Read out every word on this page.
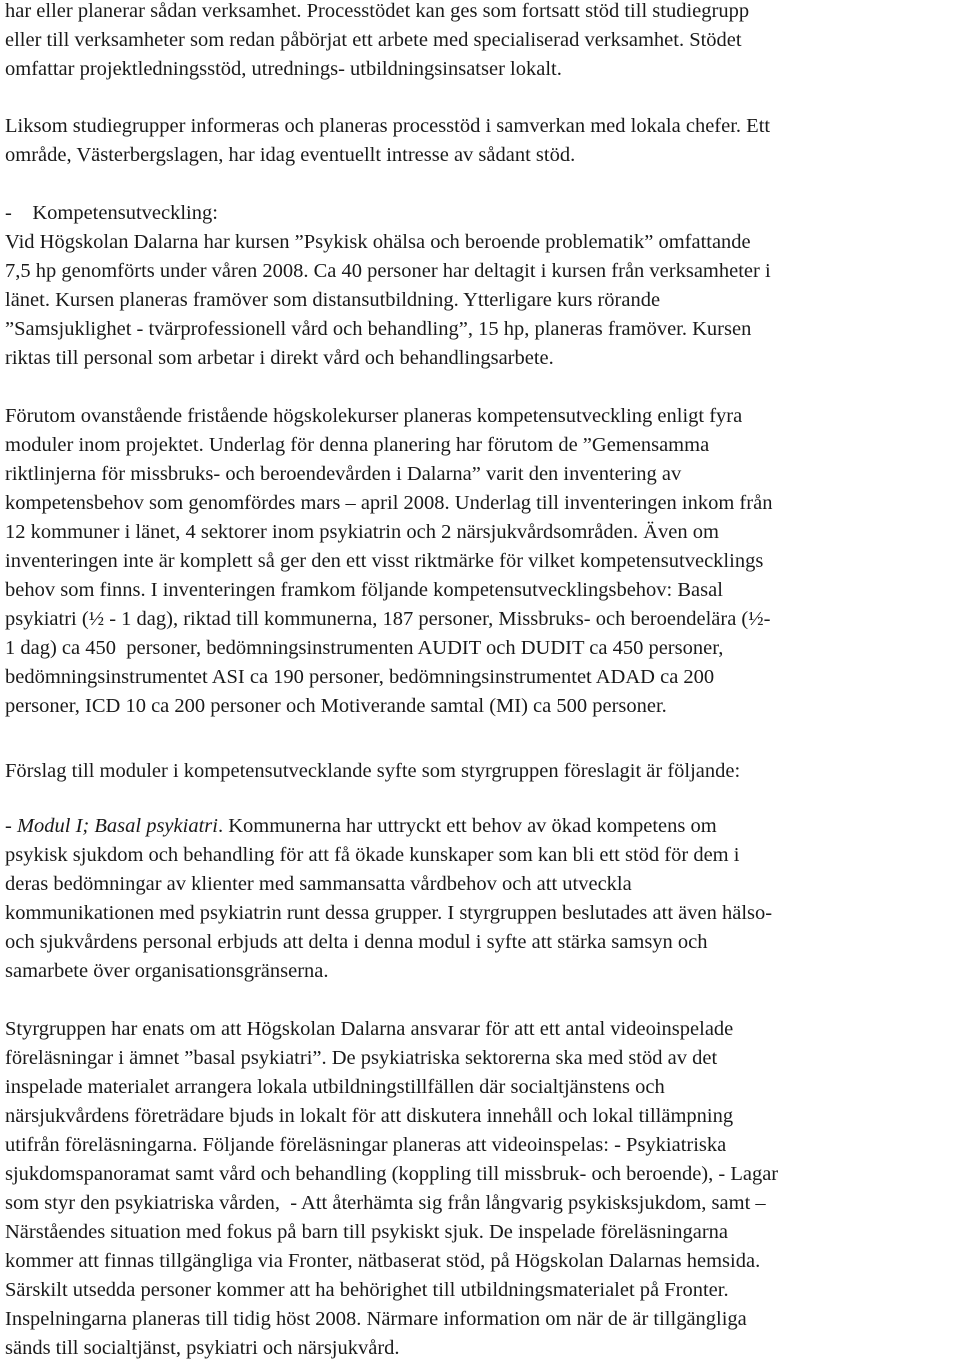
har eller planerar sådan verksamhet. Processtödet kan ges som fortsatt stöd till studiegrupp
eller till verksamheter som redan påbörjat ett arbete med specialiserad verksamhet. Stödet
omfattar projektledningsstöd, utrednings- utbildningsinsatser lokalt.
Liksom studiegrupper informeras och planeras processtöd i samverkan med lokala chefer. Ett
område, Västerbergslagen, har idag eventuellt intresse av sådant stöd.
-    Kompetensutveckling:
Vid Högskolan Dalarna har kursen ”Psykisk ohälsa och beroende problematik” omfattande
7,5 hp genomförts under våren 2008. Ca 40 personer har deltagit i kursen från verksamheter i
länet. Kursen planeras framöver som distansutbildning. Ytterligare kurs rörande
”Samsjuklighet - tvärprofessionell vård och behandling”, 15 hp, planeras framöver. Kursen
riktas till personal som arbetar i direkt vård och behandlingsarbete.
Förutom ovanstående fristående högskolekurser planeras kompetensutveckling enligt fyra
moduler inom projektet. Underlag för denna planering har förutom de ”Gemensamma
riktlinjerna för missbruks- och beroendevården i Dalarna” varit den inventering av
kompetensbehov som genomfördes mars – april 2008. Underlag till inventeringen inkom från
12 kommuner i länet, 4 sektorer inom psykiatrin och 2 närsjukvårdsområden. Även om
inventeringen inte är komplett så ger den ett visst riktmärke för vilket kompetensutvecklings
behov som finns. I inventeringen framkom följande kompetensutvecklingsbehov: Basal
psykiatri (½ - 1 dag), riktad till kommunerna, 187 personer, Missbruks- och beroendelära (½-
1 dag) ca 450  personer, bedömningsinstrumenten AUDIT och DUDIT ca 450 personer,
bedömningsinstrumentet ASI ca 190 personer, bedömningsinstrumentet ADAD ca 200
personer, ICD 10 ca 200 personer och Motiverande samtal (MI) ca 500 personer.
Förslag till moduler i kompetensutvecklande syfte som styrgruppen föreslagit är följande:
- Modul I; Basal psykiatri. Kommunerna har uttryckt ett behov av ökad kompetens om
psykisk sjukdom och behandling för att få ökade kunskaper som kan bli ett stöd för dem i
deras bedömningar av klienter med sammansatta vårdbehov och att utveckla
kommunikationen med psykiatrin runt dessa grupper. I styrgruppen beslutades att även hälso-
och sjukvårdens personal erbjuds att delta i denna modul i syfte att stärka samsyn och
samarbete över organisationsgränserna.
Styrgruppen har enats om att Högskolan Dalarna ansvarar för att ett antal videoinspelade
föreläsningar i ämnet ”basal psykiatri”. De psykiatriska sektorerna ska med stöd av det
inspelade materialet arrangera lokala utbildningstillfällen där socialtjänstens och
närsjukvårdens företrädare bjuds in lokalt för att diskutera innehåll och lokal tillämpning
utifrån föreläsningarna. Följande föreläsningar planeras att videoinspelas: - Psykiatriska
sjukdomspanoramat samt vård och behandling (koppling till missbruk- och beroende), - Lagar
som styr den psykiatriska vården,  - Att återhämta sig från långvarig psykisksjukdom, samt –
Närståendes situation med fokus på barn till psykiskt sjuk. De inspelade föreläsningarna
kommer att finnas tillgängliga via Fronter, nätbaserat stöd, på Högskolan Dalarnas hemsida.
Särskilt utsedda personer kommer att ha behörighet till utbildningsmaterialet på Fronter.
Inspelningarna planeras till tidig höst 2008. Närmare information om när de är tillgängliga
sänds till socialtjänst, psykiatri och närsjukvård.
